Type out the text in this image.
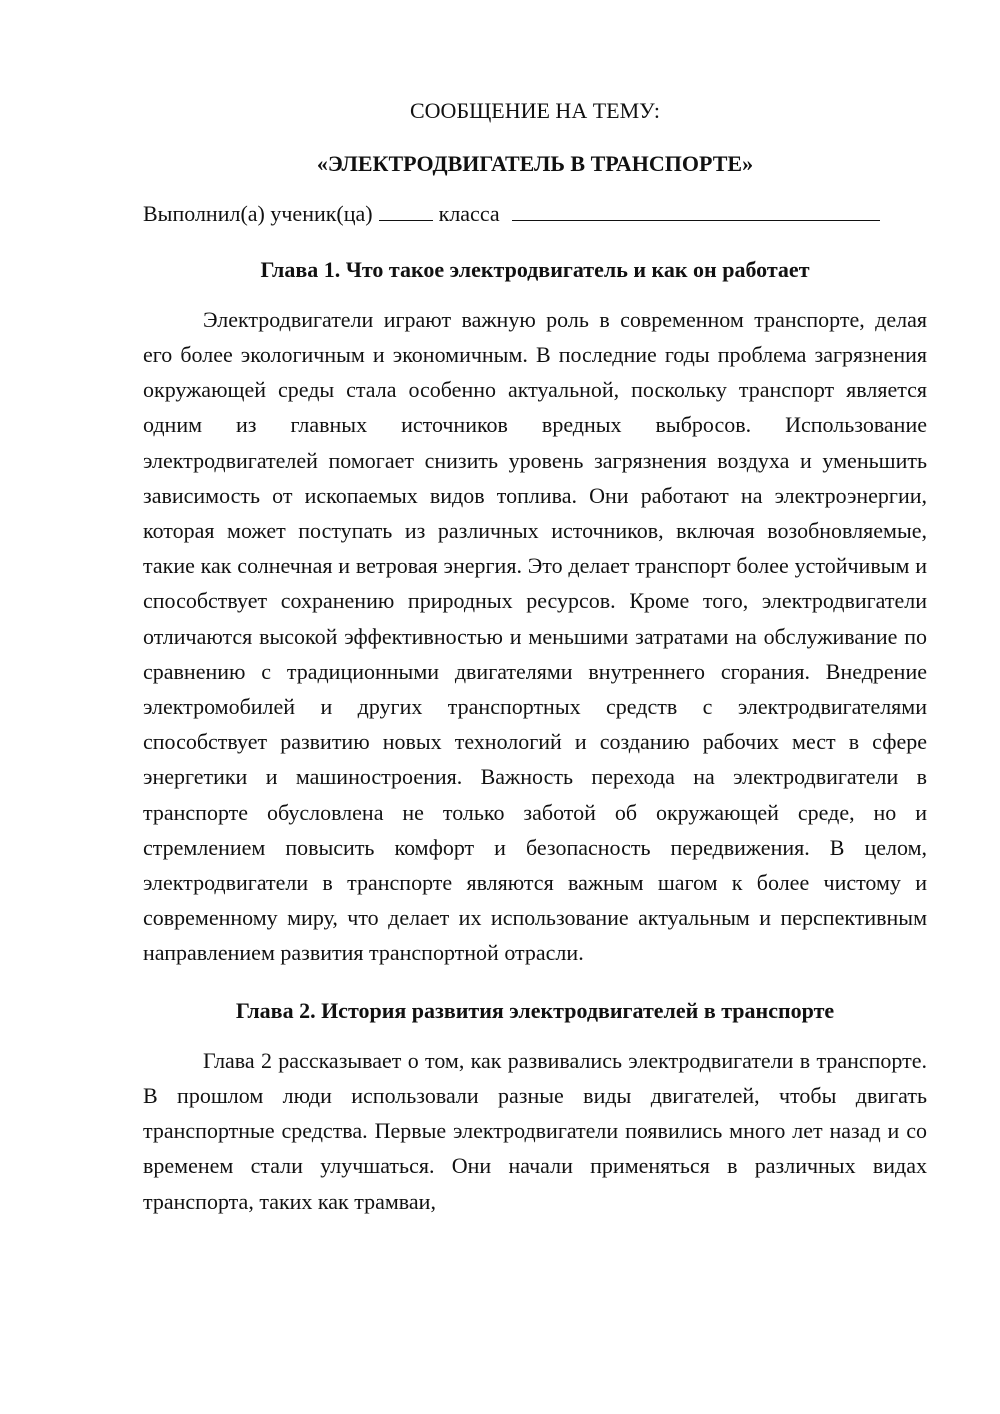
СООБЩЕНИЕ НА ТЕМУ:

«ЭЛЕКТРОДВИГАТЕЛЬ В ТРАНСПОРТЕ»

Выполнил(а) ученик(ца)	класса

Глава 1. Что такое электродвигатель и как он работает

Электродвигатели играют важную роль в современном транспорте, делая его более экологичным и экономичным. В последние годы проблема загрязнения окружающей среды стала особенно актуальной, поскольку транспорт является одним из главных источников вредных выбросов. Использование электродвигателей помогает снизить уровень загрязнения воздуха и уменьшить зависимость от ископаемых видов топлива. Они работают на электроэнергии, которая может поступать из различных источников, включая возобновляемые, такие как солнечная и ветровая энергия. Это делает транспорт более устойчивым и способствует сохранению природных ресурсов. Кроме того, электродвигатели отличаются высокой эффективностью и меньшими затратами на обслуживание по сравнению с традиционными двигателями внутреннего сгорания. Внедрение электромобилей и других транспортных средств с электродвигателями способствует развитию новых технологий и созданию рабочих мест в сфере энергетики и машиностроения. Важность перехода на электродвигатели в транспорте обусловлена не только заботой об окружающей среде, но и стремлением повысить комфорт и безопасность передвижения. В целом, электродвигатели в транспорте являются важным шагом к более чистому и современному миру, что делает их использование актуальным и перспективным направлением развития транспортной отрасли.

Глава 2. История развития электродвигателей в транспорте

Глава 2 рассказывает о том, как развивались электродвигатели в транспорте. В прошлом люди использовали разные виды двигателей, чтобы двигать транспортные средства. Первые электродвигатели появились много лет назад и со временем стали улучшаться. Они начали применяться в различных видах транспорта, таких как трамваи,
